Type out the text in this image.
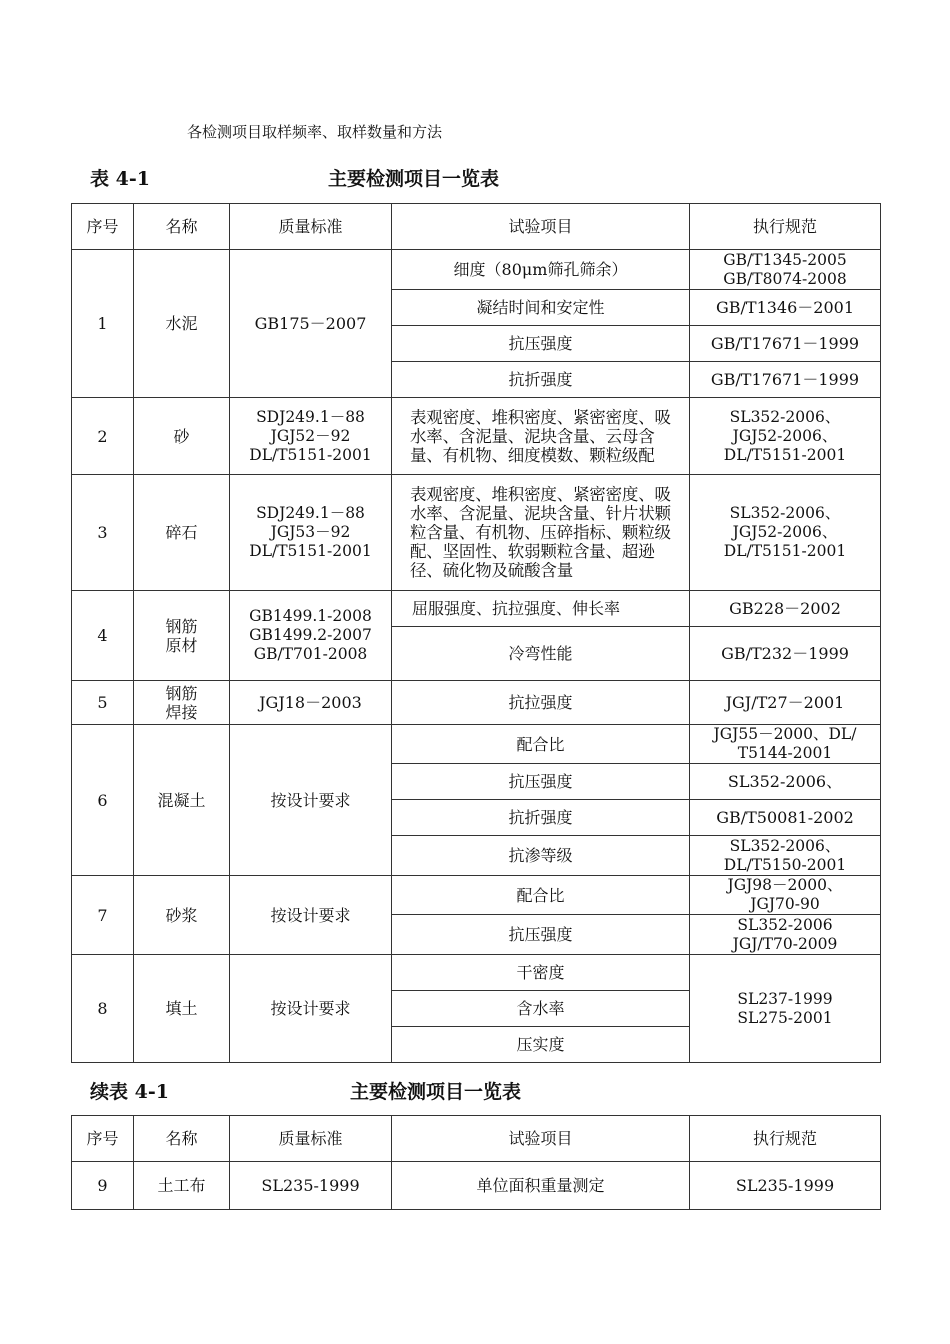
各检测项目取样频率、取样数量和方法
表 4-1	主要检测项目一览表
序号	名称	质量标准	试验项目	执行规范
1	水泥	GB175－2007	细度（80μm筛孔筛余）	GB/T1345-2005
GB/T8074-2008
			凝结时间和安定性	GB/T1346－2001
			抗压强度	GB/T17671－1999
			抗折强度	GB/T17671－1999
2	砂	SDJ249.1－88
JGJ52－92
DL/T5151-2001	表观密度、堆积密度、紧密密度、吸水率、含泥量、泥块含量、云母含量、有机物、细度模数、颗粒级配	SL352-2006、
JGJ52-2006、
DL/T5151-2001
3	碎石	SDJ249.1－88
JGJ53－92
DL/T5151-2001	表观密度、堆积密度、紧密密度、吸水率、含泥量、泥块含量、针片状颗粒含量、有机物、压碎指标、颗粒级配、坚固性、软弱颗粒含量、超逊径、硫化物及硫酸含量	SL352-2006、
JGJ52-2006、
DL/T5151-2001
4	钢筋
原材	GB1499.1-2008
GB1499.2-2007
GB/T701-2008	屈服强度、抗拉强度、伸长率	GB228－2002
			冷弯性能	GB/T232－1999
5	钢筋
焊接	JGJ18－2003	抗拉强度	JGJ/T27－2001
6	混凝土	按设计要求	配合比	JGJ55－2000、DL/
T5144-2001
			抗压强度	SL352-2006、
			抗折强度	GB/T50081-2002
			抗渗等级	SL352-2006、
DL/T5150-2001
7	砂浆	按设计要求	配合比	JGJ98－2000、
JGJ70-90
			抗压强度	SL352-2006
JGJ/T70-2009
8	填土	按设计要求	干密度	SL237-1999
SL275-2001
			含水率	
			压实度	
续表 4-1	主要检测项目一览表
序号	名称	质量标准	试验项目	执行规范
9	土工布	SL235-1999	单位面积重量测定	SL235-1999
